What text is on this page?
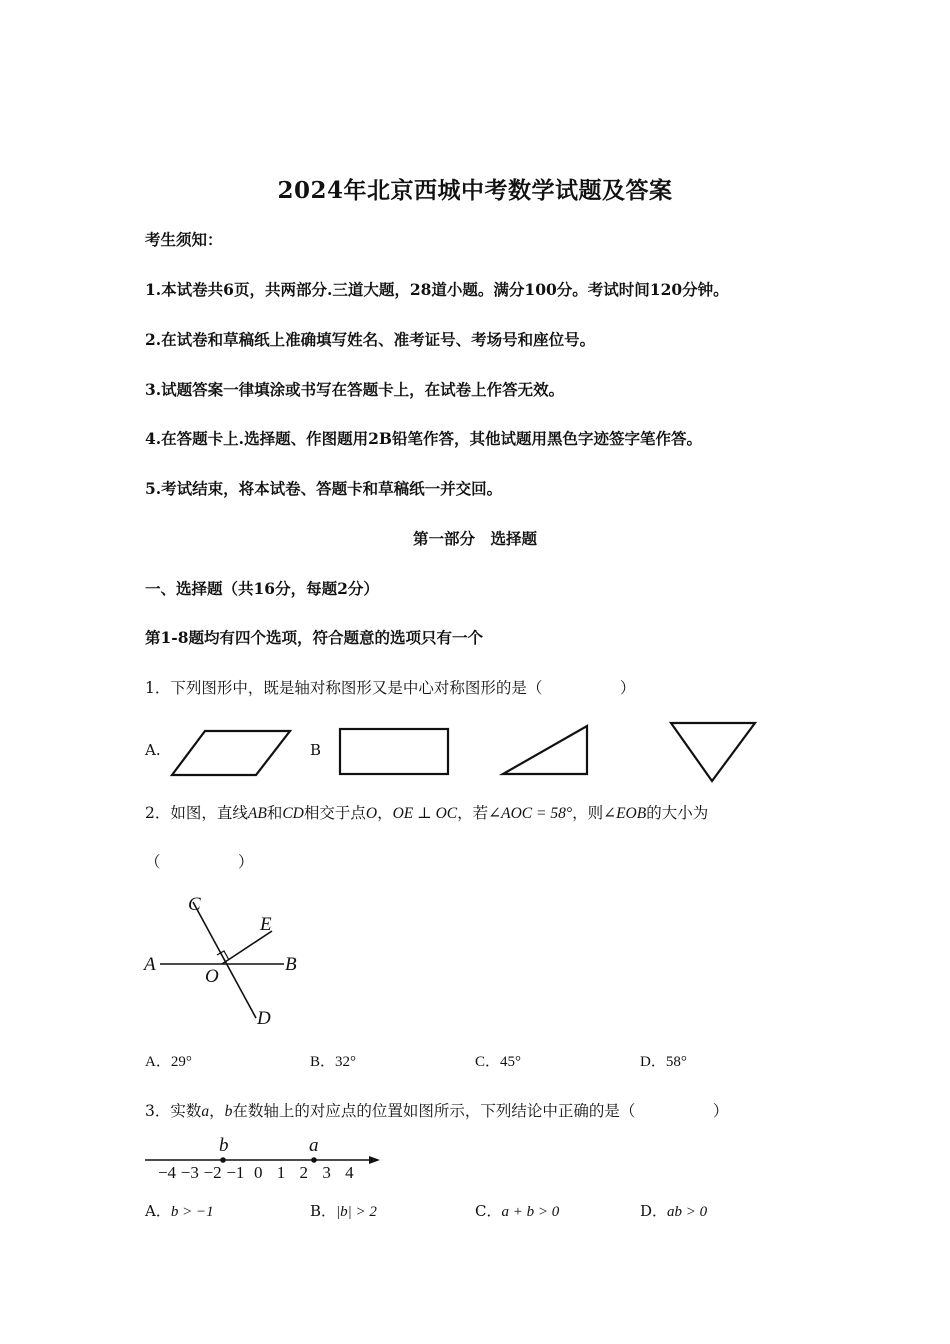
2024年北京西城中考数学试题及答案
考生须知：
1.本试卷共6页，共两部分.三道大题，28道小题。满分100分。考试时间120分钟。
2.在试卷和草稿纸上准确填写姓名、准考证号、考场号和座位号。
3.试题答案一律填涂或书写在答题卡上，在试卷上作答无效。
4.在答题卡上.选择题、作图题用2B铅笔作答，其他试题用黑色字迹签字笔作答。
5.考试结束，将本试卷、答题卡和草稿纸一并交回。
第一部分　选择题
一、选择题（共16分，每题2分）
第1-8题均有四个选项，符合题意的选项只有一个
1．下列图形中，既是轴对称图形又是中心对称图形的是（　　　　　）
A.	B
2．如图，直线AB和CD相交于点O，OE ⊥ OC，若∠AOC = 58°，则∠EOB的大小为
（　　　　　）
C
E
A	B
O
D
A．29°	B．32°	C．45°	D．58°
3．实数a，b在数轴上的对应点的位置如图所示，下列结论中正确的是（　　　　　）
−4 −3 −2 −1 0 1 2 3 4
b	a
A．b > −1	B．|b| > 2	C．a + b > 0	D．ab > 0
